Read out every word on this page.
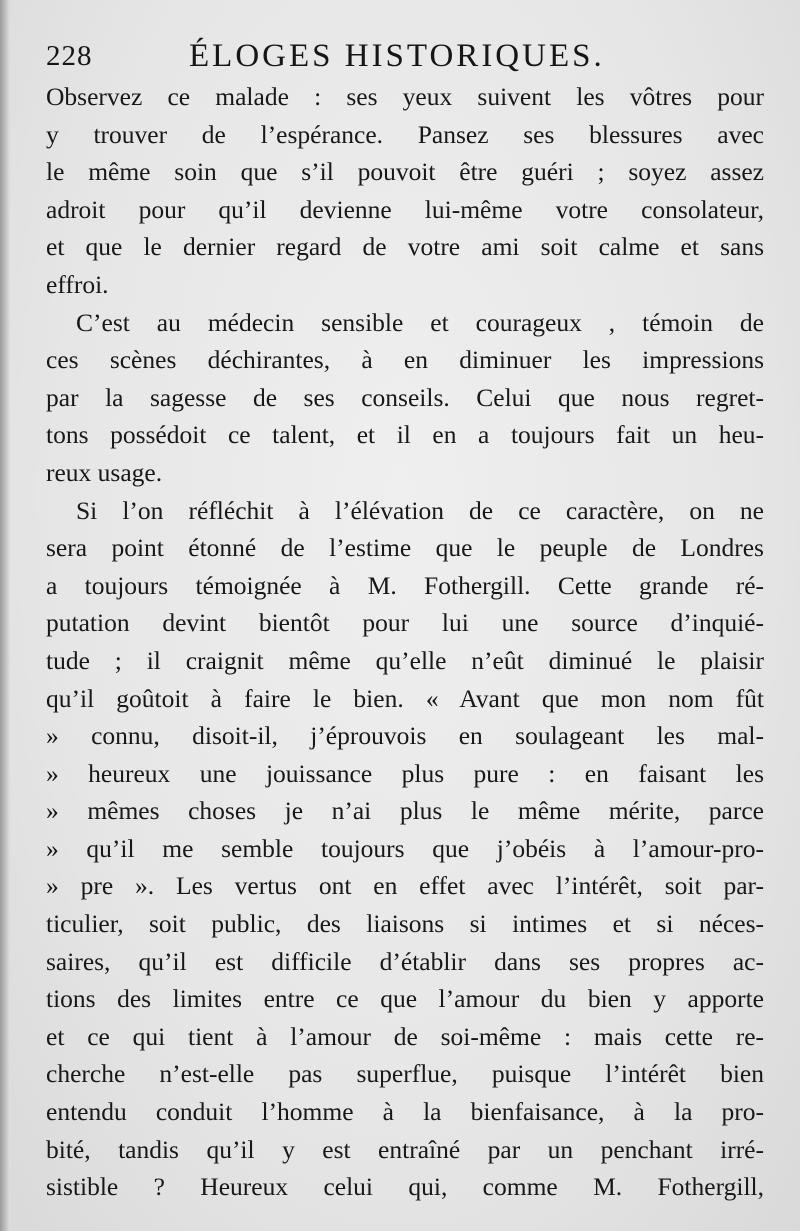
228	ÉLOGES HISTORIQUES.
Observez ce malade : ses yeux suivent les vôtres pour
y trouver de l’espérance. Pansez ses blessures avec
le même soin que s’il pouvoit être guéri ; soyez assez
adroit pour qu’il devienne lui-même votre consolateur,
et que le dernier regard de votre ami soit calme et sans
effroi.
C’est au médecin sensible et courageux , témoin de
ces scènes déchirantes, à en diminuer les impressions
par la sagesse de ses conseils. Celui que nous regret-
tons possédoit ce talent, et il en a toujours fait un heu-
reux usage.
Si l’on réfléchit à l’élévation de ce caractère, on ne
sera point étonné de l’estime que le peuple de Londres
a toujours témoignée à M. Fothergill. Cette grande ré-
putation devint bientôt pour lui une source d’inquié-
tude ; il craignit même qu’elle n’eût diminué le plaisir
qu’il goûtoit à faire le bien. « Avant que mon nom fût
» connu, disoit-il, j’éprouvois en soulageant les mal-
» heureux une jouissance plus pure : en faisant les
» mêmes choses je n’ai plus le même mérite, parce
» qu’il me semble toujours que j’obéis à l’amour-pro-
» pre ». Les vertus ont en effet avec l’intérêt, soit par-
ticulier, soit public, des liaisons si intimes et si néces-
saires, qu’il est difficile d’établir dans ses propres ac-
tions des limites entre ce que l’amour du bien y apporte
et ce qui tient à l’amour de soi-même : mais cette re-
cherche n’est-elle pas superflue, puisque l’intérêt bien
entendu conduit l’homme à la bienfaisance, à la pro-
bité, tandis qu’il y est entraîné par un penchant irré-
sistible ? Heureux celui qui, comme M. Fothergill,
